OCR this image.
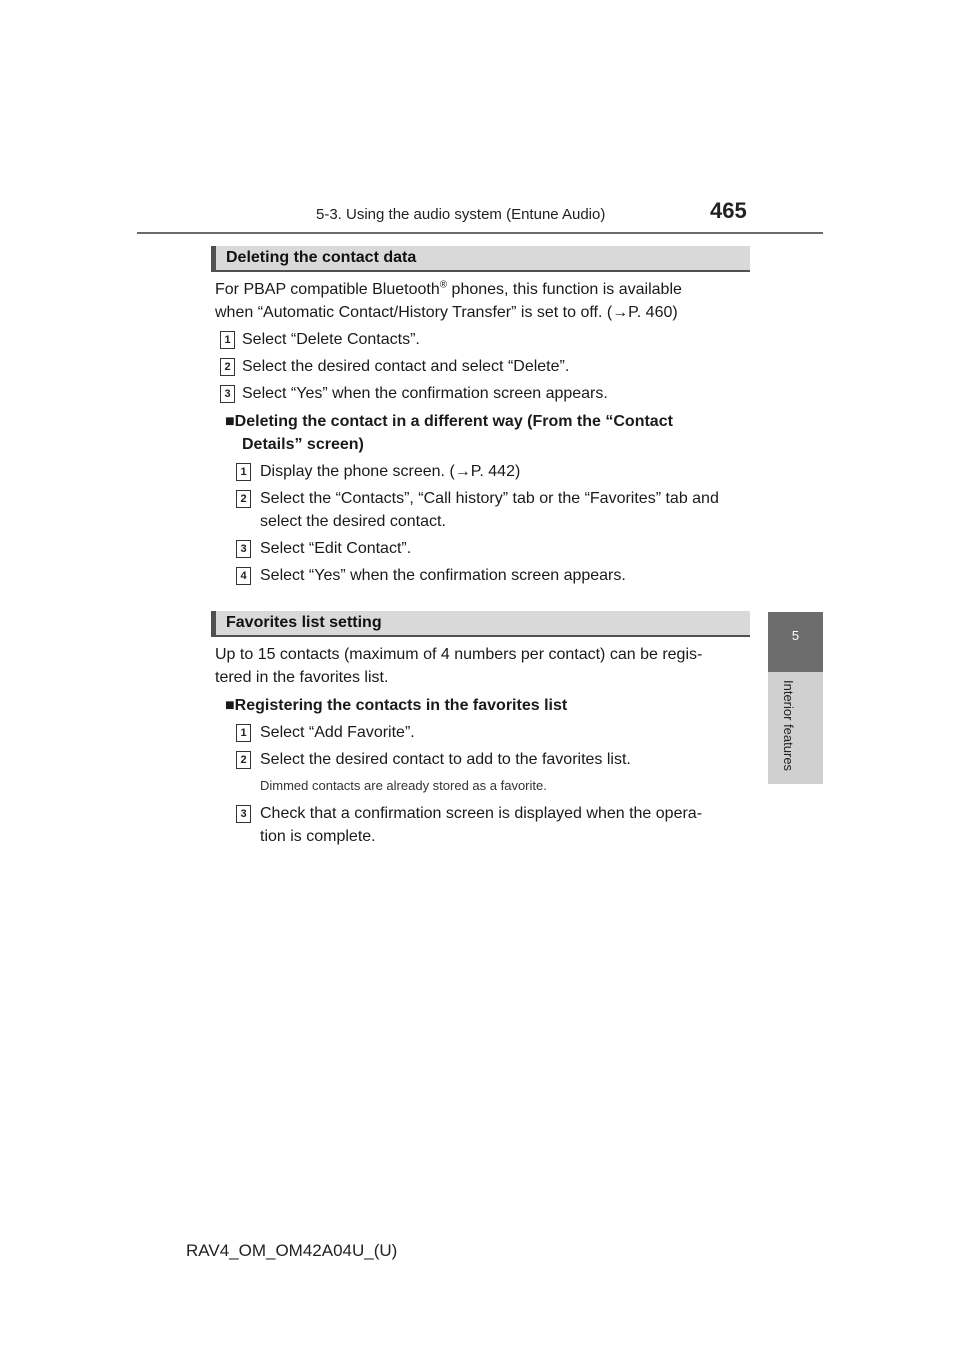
5-3. Using the audio system (Entune Audio)	465
5
Interior features
Deleting the contact data
For PBAP compatible Bluetooth® phones, this function is available
when “Automatic Contact/History Transfer” is set to off. (→P. 460)
1 Select “Delete Contacts”.
2 Select the desired contact and select “Delete”.
3 Select “Yes” when the confirmation screen appears.
■Deleting the contact in a different way (From the “Contact
Details” screen)
1 Display the phone screen. (→P. 442)
2 Select the “Contacts”, “Call history” tab or the “Favorites” tab and
select the desired contact.
3 Select “Edit Contact”.
4 Select “Yes” when the confirmation screen appears.
Favorites list setting
Up to 15 contacts (maximum of 4 numbers per contact) can be regis-
tered in the favorites list.
■Registering the contacts in the favorites list
1 Select “Add Favorite”.
2 Select the desired contact to add to the favorites list.
Dimmed contacts are already stored as a favorite.
3 Check that a confirmation screen is displayed when the opera-
tion is complete.
RAV4_OM_OM42A04U_(U)
